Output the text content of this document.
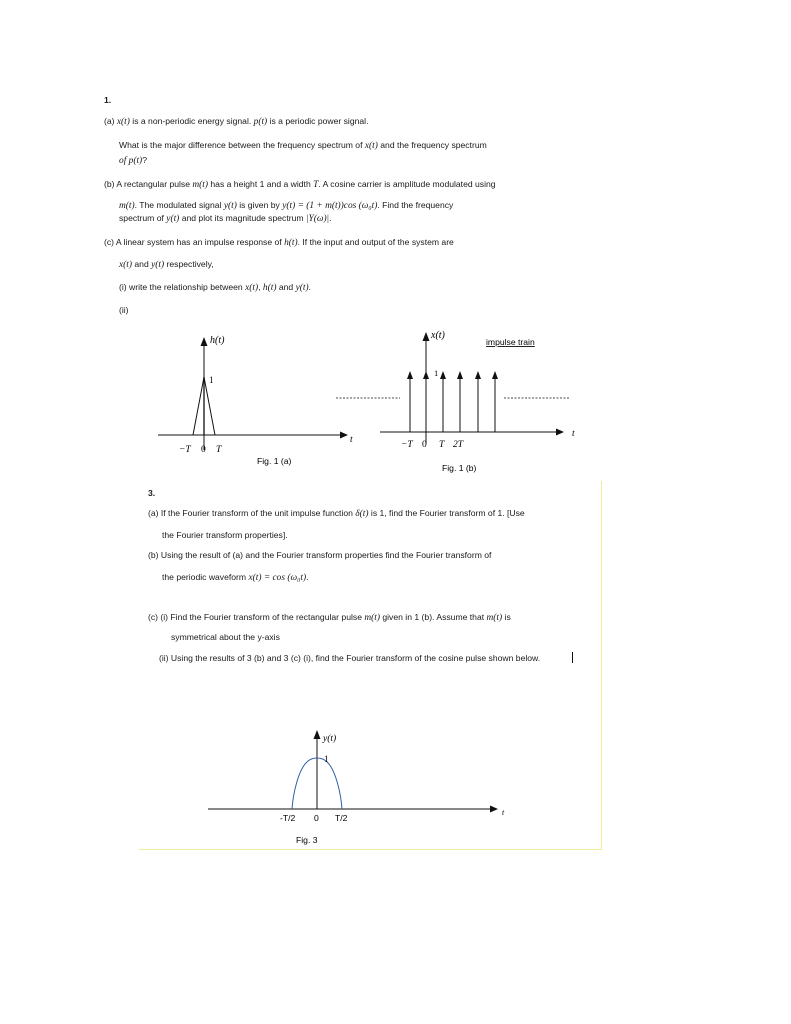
1.
(a) x(t) is a non-periodic energy signal. p(t) is a periodic power signal.
What is the major difference between the frequency spectrum of x(t) and the frequency spectrum
of p(t)?
(b) A rectangular pulse m(t) has a height 1 and a width T. A cosine carrier is amplitude modulated using
m(t). The modulated signal y(t) is given by y(t) = (1 + m(t))cos (ω₀t). Find the frequency
spectrum of y(t) and plot its magnitude spectrum |Y(ω)|.
(c) A linear system has an impulse response of h(t). If the input and output of the system are
x(t) and y(t) respectively,
(i) write the relationship between x(t), h(t) and y(t).
(ii)
h(t)
1
t
−T 0 T
Fig. 1 (a)
x(t)
1
impulse train
t
−T 0 T 2T
Fig. 1 (b)
3.
(a) If the Fourier transform of the unit impulse function δ(t) is 1, find the Fourier transform of 1. [Use
the Fourier transform properties].
(b) Using the result of (a) and the Fourier transform properties find the Fourier transform of
the periodic waveform x(t) = cos (ω₀t).
(c) (i) Find the Fourier transform of the rectangular pulse m(t) given in 1 (b). Assume that m(t) is
symmetrical about the y-axis
(ii) Using the results of 3 (b) and 3 (c) (i), find the Fourier transform of the cosine pulse shown below.
y(t)
1
t
-T/2 0 T/2
Fig. 3
